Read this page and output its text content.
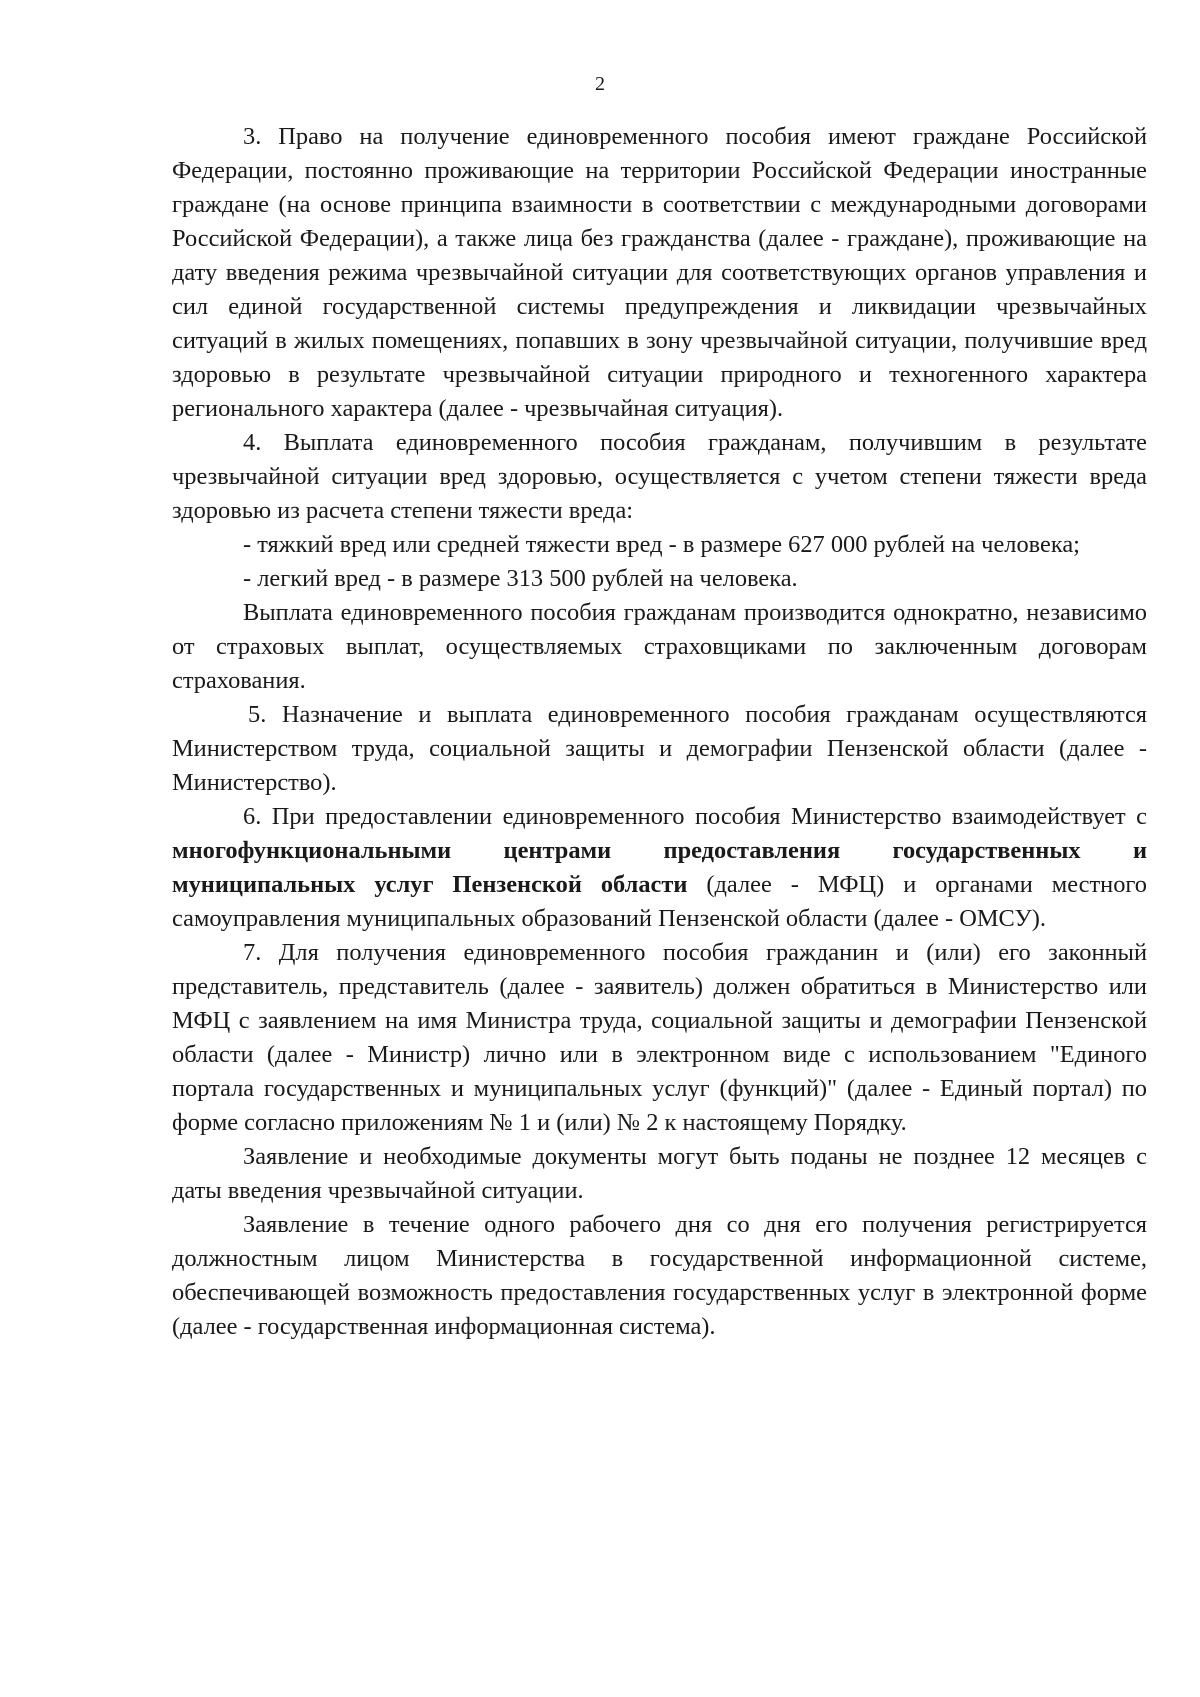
2

3. Право на получение единовременного пособия имеют граждане Российской Федерации, постоянно проживающие на территории Российской Федерации иностранные граждане (на основе принципа взаимности в соответствии с международными договорами Российской Федерации), а также лица без гражданства (далее - граждане), проживающие на дату введения режима чрезвычайной ситуации для соответствующих органов управления и сил единой государственной системы предупреждения и ликвидации чрезвычайных ситуаций в жилых помещениях, попавших в зону чрезвычайной ситуации, получившие вред здоровью в результате чрезвычайной ситуации природного и техногенного характера регионального характера (далее - чрезвычайная ситуация).

4. Выплата единовременного пособия гражданам, получившим в результате чрезвычайной ситуации вред здоровью, осуществляется с учетом степени тяжести вреда здоровью из расчета степени тяжести вреда:

- тяжкий вред или средней тяжести вред - в размере 627 000 рублей на человека;

- легкий вред - в размере 313 500 рублей на человека.

Выплата единовременного пособия гражданам производится однократно, независимо от страховых выплат, осуществляемых страховщиками по заключенным договорам страхования.

5. Назначение и выплата единовременного пособия гражданам осуществляются Министерством труда, социальной защиты и демографии Пензенской области (далее - Министерство).

6. При предоставлении единовременного пособия Министерство взаимодействует с многофункциональными центрами предоставления государственных и муниципальных услуг Пензенской области (далее - МФЦ) и органами местного самоуправления муниципальных образований Пензенской области (далее - ОМСУ).

7. Для получения единовременного пособия гражданин и (или) его законный представитель, представитель (далее - заявитель) должен обратиться в Министерство или МФЦ с заявлением на имя Министра труда, социальной защиты и демографии Пензенской области (далее - Министр) лично или в электронном виде с использованием "Единого портала государственных и муниципальных услуг (функций)" (далее - Единый портал) по форме согласно приложениям № 1 и (или) № 2 к настоящему Порядку.

Заявление и необходимые документы могут быть поданы не позднее 12 месяцев с даты введения чрезвычайной ситуации.

Заявление в течение одного рабочего дня со дня его получения регистрируется должностным лицом Министерства в государственной информационной системе, обеспечивающей возможность предоставления государственных услуг в электронной форме (далее - государственная информационная система).
